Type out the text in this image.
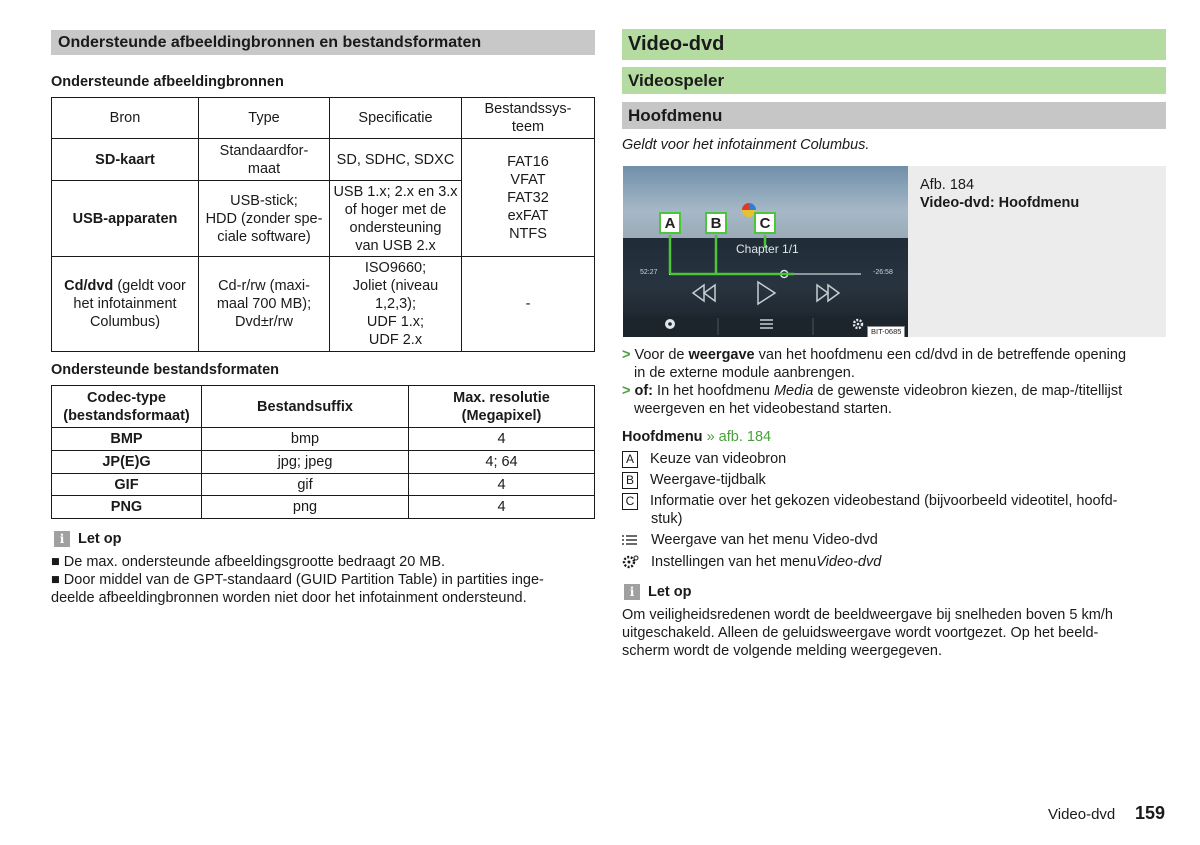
Ondersteunde afbeeldingbronnen en bestandsformaten
Ondersteunde afbeeldingbronnen
Bron	Type	Specificatie	Bestandssys-
teem
SD-kaart	Standaardfor-
maat	SD, SDHC, SDXC	FAT16
VFAT
FAT32
exFAT
NTFS
USB-apparaten	USB-stick;
HDD (zonder spe-
ciale software)	USB 1.x; 2.x en 3.x
of hoger met de
ondersteuning
van USB 2.x	
Cd/dvd (geldt voor
het infotainment
Columbus)	Cd-r/rw (maxi-
maal 700 MB);
Dvd±r/rw	ISO9660;
Joliet (niveau
1,2,3);
UDF 1.x;
UDF 2.x	-
Ondersteunde bestandsformaten
Codec-type
(bestandsformaat)	Bestandsuffix	Max. resolutie
(Megapixel)
BMP	bmp	4
JP(E)G	jpg; jpeg	4; 64
GIF	gif	4
PNG	png	4
i Let op
■ De max. ondersteunde afbeeldingsgrootte bedraagt 20 MB.
■ Door middel van de GPT-standaard (GUID Partition Table) in partities inge-
deelde afbeeldingbronnen worden niet door het infotainment ondersteund.
Video-dvd
Videospeler
Hoofdmenu
Geldt voor het infotainment Columbus.
A	B	C
Chapter 1/1
52:27	-26:58
BIT-0685
Afb. 184
Video-dvd: Hoofdmenu
> Voor de weergave van het hoofdmenu een cd/dvd in de betreffende opening
in de externe module aanbrengen.
> of: In het hoofdmenu Media de gewenste videobron kiezen, de map-/titellijst
weergeven en het videobestand starten.
Hoofdmenu » afb. 184
A Keuze van videobron
B Weergave-tijdbalk
C Informatie over het gekozen videobestand (bijvoorbeeld videotitel, hoofd-
stuk)
Weergave van het menu Video-dvd
Instellingen van het menu Video-dvd
i Let op
Om veiligheidsredenen wordt de beeldweergave bij snelheden boven 5 km/h
uitgeschakeld. Alleen de geluidsweergave wordt voortgezet. Op het beeld-
scherm wordt de volgende melding weergegeven.
Video-dvd 159
